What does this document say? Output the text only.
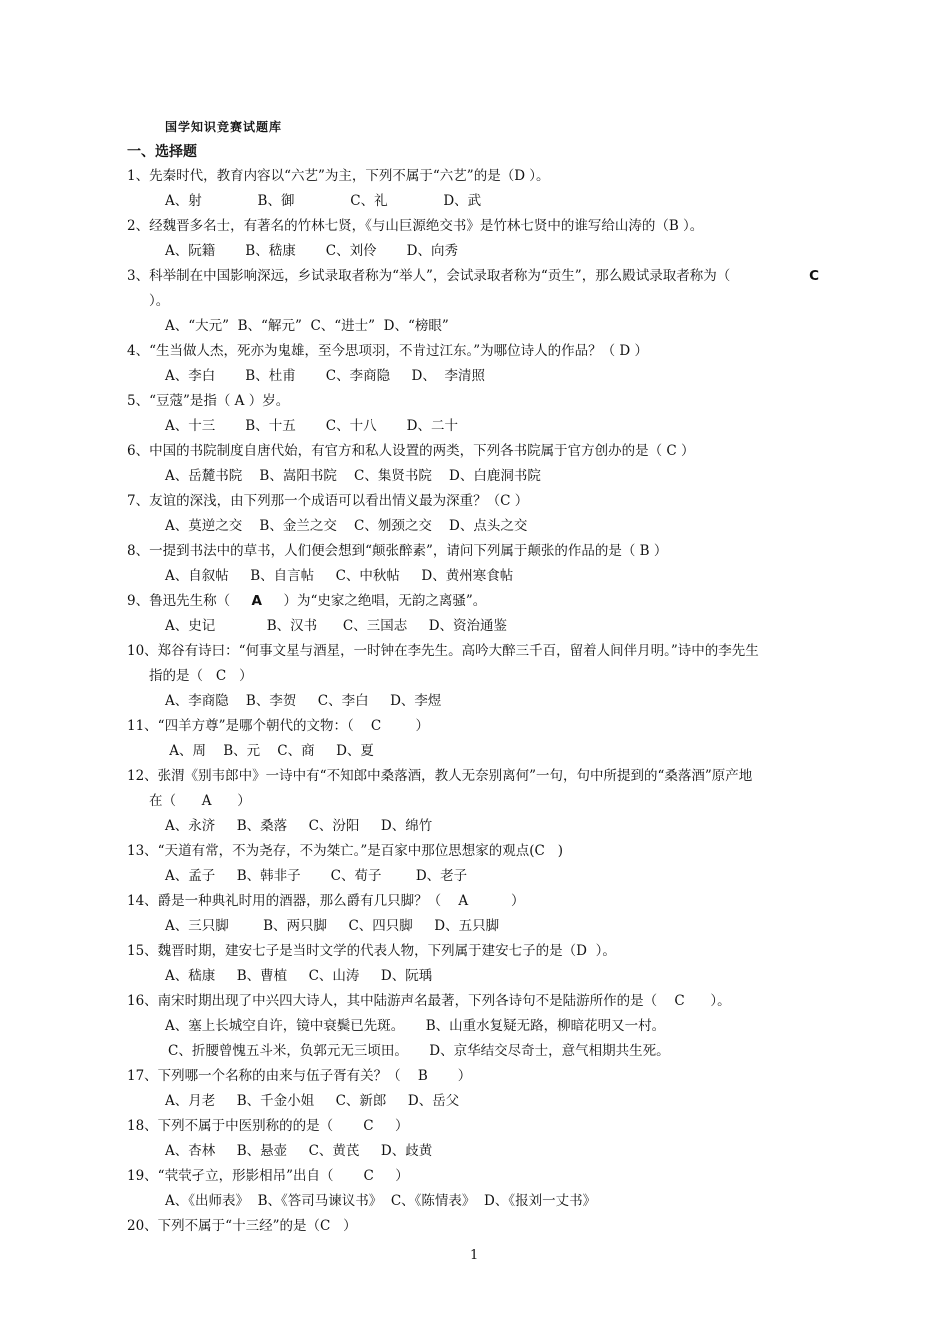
国学知识竞赛试题库
一、选择题
1、先秦时代，教育内容以“六艺”为主，下列不属于“六艺”的是（D ）。
A、射             B、御             C、礼             D、武
2、经魏晋多名士，有著名的竹林七贤，《与山巨源绝交书》是竹林七贤中的谁写给山涛的（B ）。
A、阮籍       B、嵇康       C、刘伶       D、向秀
3、科举制在中国影响深远，乡试录取者称为“举人”，会试录取者称为“贡生”，那么殿试录取者称为（	C
）。
A、“大元”  B、“解元”  C、“进士”  D、“榜眼”
4、“生当做人杰，死亦为鬼雄，至今思项羽，不肯过江东。”为哪位诗人的作品？（ D ）
A、李白       B、杜甫       C、李商隐     D、  李清照
5、“豆蔻”是指（ A ）岁。
A、十三       B、十五       C、十八       D、二十
6、中国的书院制度自唐代始，有官方和私人设置的两类，下列各书院属于官方创办的是（ C ）
A、岳麓书院    B、嵩阳书院    C、集贤书院    D、白鹿洞书院
7、友谊的深浅，由下列那一个成语可以看出情义最为深重？（C ）
A、莫逆之交    B、金兰之交    C、刎颈之交    D、点头之交
8、一提到书法中的草书，人们便会想到“颠张醉素”，请问下列属于颠张的作品的是（ B ）
A、自叙帖     B、自言帖     C、中秋帖     D、黄州寒食帖
9、鲁迅先生称（     A     ）为“史家之绝唱，无韵之离骚”。
A、史记            B、汉书      C、三国志     D、资治通鉴
10、郑谷有诗曰：“何事文星与酒星，一时钟在李先生。高吟大醉三千百，留着人间伴月明。”诗中的李先生
指的是（   C   ）
A、李商隐    B、李贺     C、李白     D、李煜
11、“四羊方尊”是哪个朝代的文物：（    C        ）
A、周    B、元    C、商     D、夏
12、张渭《别韦郎中》一诗中有“不知郎中桑落酒，教人无奈别离何”一句，句中所提到的“桑落酒”原产地
在（      A      ）
A、永济     B、桑落     C、汾阳     D、绵竹
13、“天道有常，不为尧存，不为桀亡。”是百家中那位思想家的观点(C   )
A、孟子     B、韩非子       C、荀子        D、老子
14、爵是一种典礼时用的酒器，那么爵有几只脚？（    A          ）
A、三只脚        B、两只脚     C、四只脚     D、五只脚
15、魏晋时期，建安七子是当时文学的代表人物，下列属于建安七子的是（D  ）。
A、嵇康     B、曹植     C、山涛     D、阮瑀
16、南宋时期出现了中兴四大诗人，其中陆游声名最著，下列各诗句不是陆游所作的是（    C      ）。
A、塞上长城空自许，镜中衰鬓已先斑。     B、山重水复疑无路，柳暗花明又一村。
C、折腰曾愧五斗米，负郭元无三顷田。     D、京华结交尽奇士，意气相期共生死。
17、下列哪一个名称的由来与伍子胥有关？（    B       ）
A、月老     B、千金小姐     C、新郎     D、岳父
18、下列不属于中医别称的的是（       C     ）
A、杏林     B、悬壶     C、黄芪     D、歧黄
19、“茕茕孑立，形影相吊”出自（       C     ）
A、《出师表》  B、《答司马谏议书》  C、《陈情表》  D、《报刘一丈书》
20、下列不属于“十三经”的是（C   ）
1
